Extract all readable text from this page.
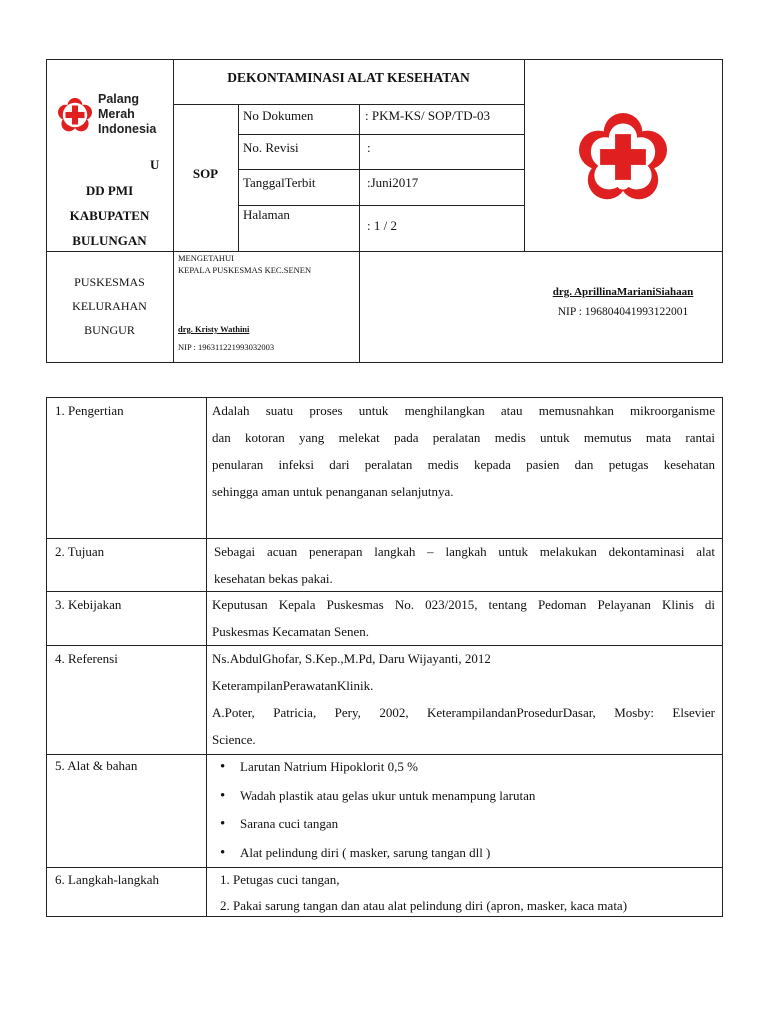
Palang
Merah
Indonesia
U
DD PMI
KABUPATEN
BULUNGAN
DEKONTAMINASI ALAT KESEHATAN
SOP
No Dokumen	: PKM-KS/ SOP/TD-03
No. Revisi	:
TanggalTerbit	:Juni2017
Halaman
: 1 / 2
PUSKESMAS
KELURAHAN
BUNGUR
MENGETAHUI
KEPALA PUSKESMAS KEC.SENEN
drg. Kristy Wathini
NIP : 196311221993032003
drg. AprillinaMarianiSiahaan
NIP : 196804041993122001
1. Pengertian	Adalah suatu proses untuk menghilangkan atau memusnahkan mikroorganisme
dan kotoran yang melekat pada peralatan medis untuk memutus mata rantai
penularan infeksi dari peralatan medis kepada pasien dan petugas kesehatan
sehingga aman untuk penanganan selanjutnya.
2. Tujuan	Sebagai acuan penerapan langkah – langkah untuk melakukan dekontaminasi alat
kesehatan bekas pakai.
3. Kebijakan	Keputusan Kepala Puskesmas No. 023/2015, tentang Pedoman Pelayanan Klinis di
Puskesmas Kecamatan Senen.
4. Referensi	Ns.AbdulGhofar, S.Kep.,M.Pd, Daru Wijayanti, 2012
KeterampilanPerawatanKlinik.
A.Poter, Patricia, Pery, 2002, KeterampilandanProsedurDasar, Mosby: Elsevier
Science.
5. Alat & bahan
•	Larutan Natrium Hipoklorit 0,5 %
• Wadah plastik atau gelas ukur untuk menampung larutan
• Sarana cuci tangan
• Alat pelindung diri ( masker, sarung tangan dll )
6. Langkah-langkah	1. Petugas cuci tangan,
2. Pakai sarung tangan dan atau alat pelindung diri (apron, masker, kaca mata)
